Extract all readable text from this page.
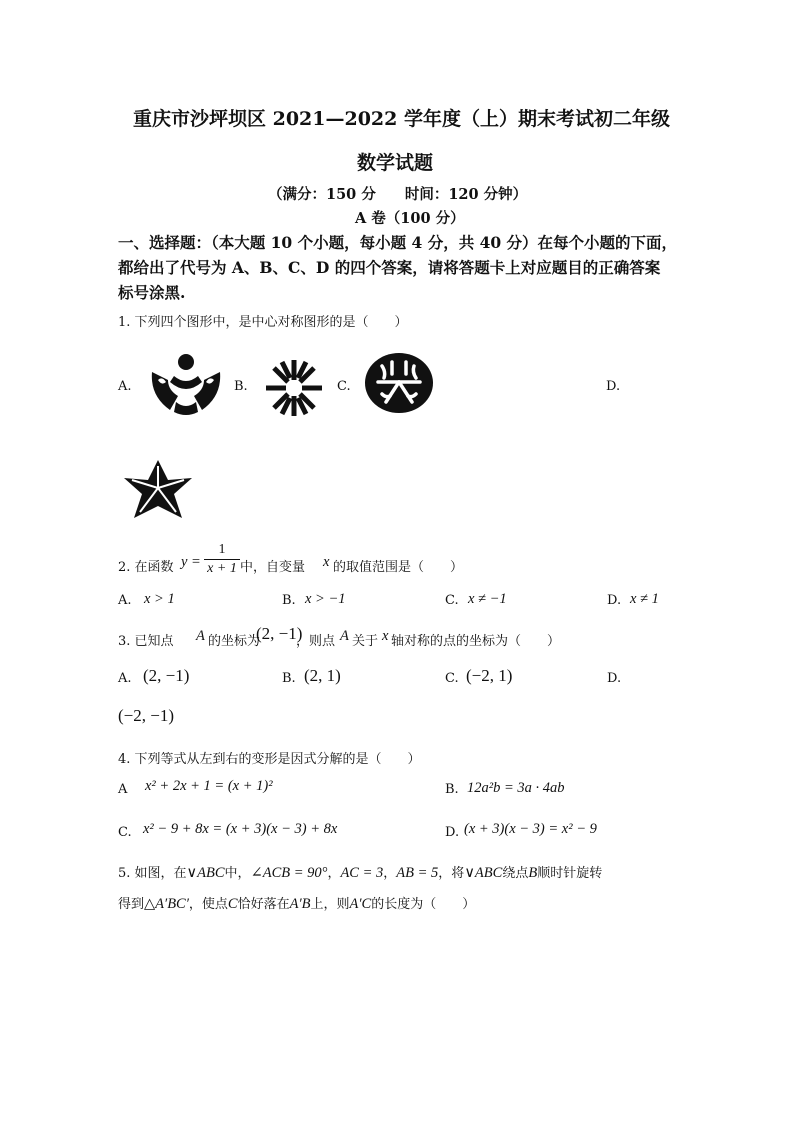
重庆市沙坪坝区 2021—2022 学年度（上）期末考试初二年级
数学试题
（满分：150 分　　时间：120 分钟）
A 卷（100 分）
一、选择题：（本大题 10 个小题，每小题 4 分，共 40 分）在每个小题的下面，
都给出了代号为 A、B、C、D 的四个答案，请将答题卡上对应题目的正确答案
标号涂黑.
1. 下列四个图形中，是中心对称图形的是（　　）
A.	B.	C.	D.
2. 在函数 y =
1
x + 1 中，自变量 x 的取值范围是（　　）
A. x > 1	B. x > −1	C. x ≠ −1	D. x ≠ 1
3. 已知点 A 的坐标为
(2, −1)
，则点 A 关于 x 轴对称的点的坐标为（　　）
A. (2, −1)	B. (2, 1)	C. (−2, 1)	D.
(−2, −1)
4. 下列等式从左到右的变形是因式分解的是（　　）
A x² + 2x + 1 = (x + 1)²	B. 12a²b = 3a · 4ab
C. x² − 9 + 8x = (x + 3)(x − 3) + 8x	D. (x + 3)(x − 3) = x² − 9
5. 如图，在∨ABC中，∠ACB = 90°，AC = 3，AB = 5，将∨ABC绕点B顺时针旋转
得到△A′BC′，使点C恰好落在A′B上，则A′C的长度为（　　）
